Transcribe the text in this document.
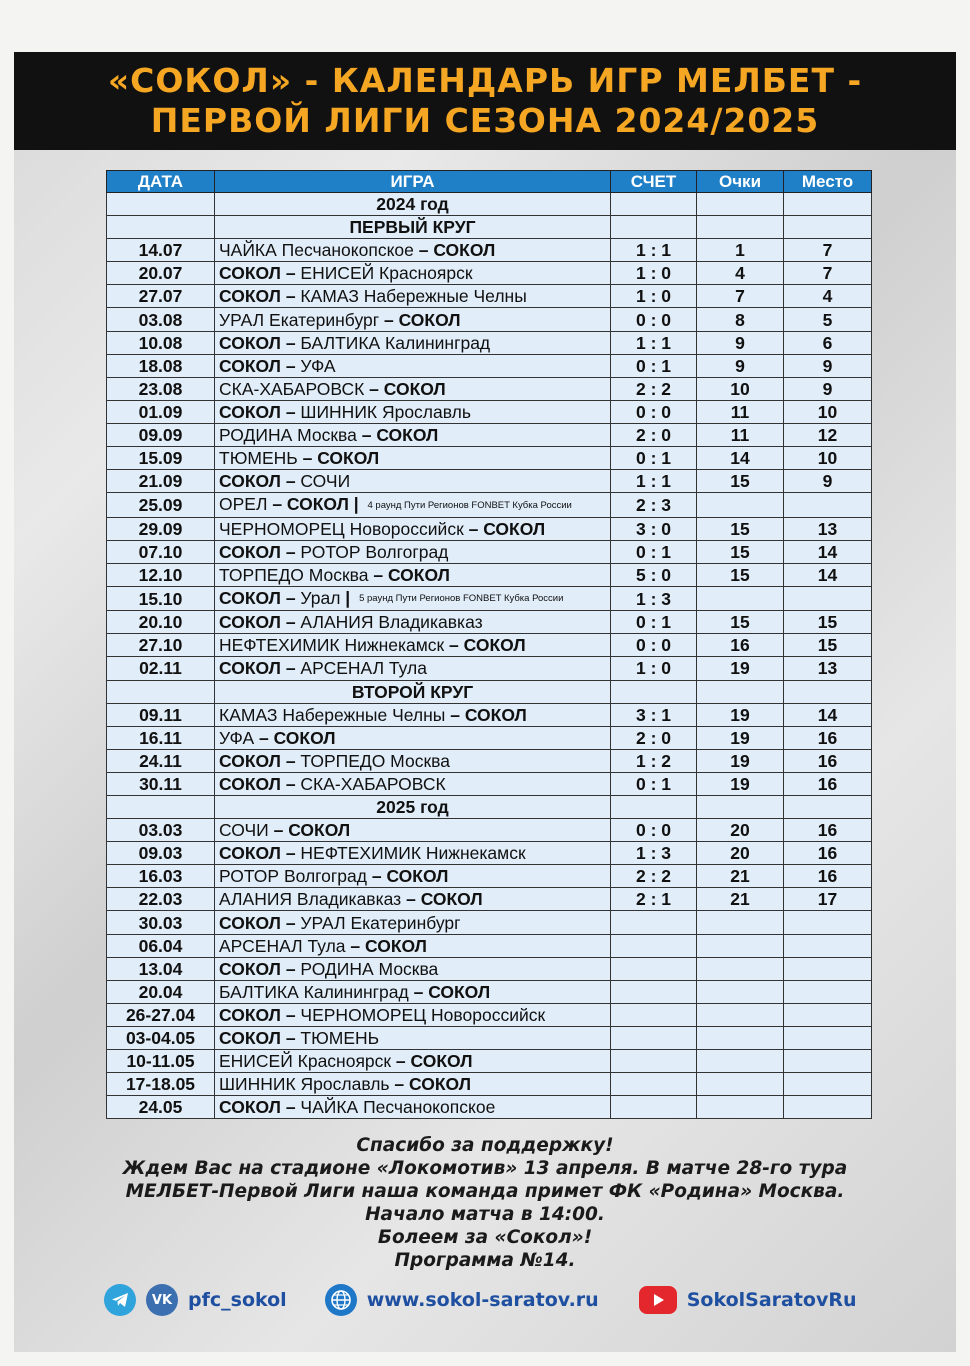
«СОКОЛ» - КАЛЕНДАРЬ ИГР МЕЛБЕТ -
ПЕРВОЙ ЛИГИ СЕЗОНА 2024/2025
ДАТА	ИГРА	СЧЕТ	Очки	Место
	2024 год			
	ПЕРВЫЙ КРУГ			
14.07	ЧАЙКА Песчанокопское – СОКОЛ	1 : 1	1	7
20.07	СОКОЛ – ЕНИСЕЙ Красноярск	1 : 0	4	7
27.07	СОКОЛ – КАМАЗ Набережные Челны	1 : 0	7	4
03.08	УРАЛ Екатеринбург – СОКОЛ	0 : 0	8	5
10.08	СОКОЛ – БАЛТИКА Калининград	1 : 1	9	6
18.08	СОКОЛ – УФА	0 : 1	9	9
23.08	СКА-ХАБАРОВСК – СОКОЛ	2 : 2	10	9
01.09	СОКОЛ – ШИННИК Ярославль	0 : 0	11	10
09.09	РОДИНА Москва – СОКОЛ	2 : 0	11	12
15.09	ТЮМЕНЬ – СОКОЛ	0 : 1	14	10
21.09	СОКОЛ – СОЧИ	1 : 1	15	9
25.09	ОРЕЛ – СОКОЛ | 4 раунд Пути Регионов FONBET Кубка России	2 : 3		
29.09	ЧЕРНОМОРЕЦ Новороссийск – СОКОЛ	3 : 0	15	13
07.10	СОКОЛ – РОТОР Волгоград	0 : 1	15	14
12.10	ТОРПЕДО Москва – СОКОЛ	5 : 0	15	14
15.10	СОКОЛ – Урал | 5 раунд Пути Регионов FONBET Кубка России	1 : 3		
20.10	СОКОЛ – АЛАНИЯ Владикавказ	0 : 1	15	15
27.10	НЕФТЕХИМИК Нижнекамск – СОКОЛ	0 : 0	16	15
02.11	СОКОЛ – АРСЕНАЛ Тула	1 : 0	19	13
	ВТОРОЙ КРУГ			
09.11	КАМАЗ Набережные Челны – СОКОЛ	3 : 1	19	14
16.11	УФА – СОКОЛ	2 : 0	19	16
24.11	СОКОЛ – ТОРПЕДО Москва	1 : 2	19	16
30.11	СОКОЛ – СКА-ХАБАРОВСК	0 : 1	19	16
	2025 год			
03.03	СОЧИ – СОКОЛ	0 : 0	20	16
09.03	СОКОЛ – НЕФТЕХИМИК Нижнекамск	1 : 3	20	16
16.03	РОТОР Волгоград – СОКОЛ	2 : 2	21	16
22.03	АЛАНИЯ Владикавказ – СОКОЛ	2 : 1	21	17
30.03	СОКОЛ – УРАЛ Екатеринбург			
06.04	АРСЕНАЛ Тула – СОКОЛ			
13.04	СОКОЛ – РОДИНА Москва			
20.04	БАЛТИКА Калининград – СОКОЛ			
26-27.04	СОКОЛ – ЧЕРНОМОРЕЦ Новороссийск			
03-04.05	СОКОЛ – ТЮМЕНЬ			
10-11.05	ЕНИСЕЙ Красноярск – СОКОЛ			
17-18.05	ШИННИК Ярославль – СОКОЛ			
24.05	СОКОЛ – ЧАЙКА Песчанокопское			
Спасибо за поддержку!
Ждем Вас на стадионе «Локомотив» 13 апреля. В матче 28-го тура
МЕЛБЕТ-Первой Лиги наша команда примет ФК «Родина» Москва.
Начало матча в 14:00.
Болеем за «Сокол»!
Программа №14.
VK pfc_sokol	www.sokol-saratov.ru	SokolSaratovRu
